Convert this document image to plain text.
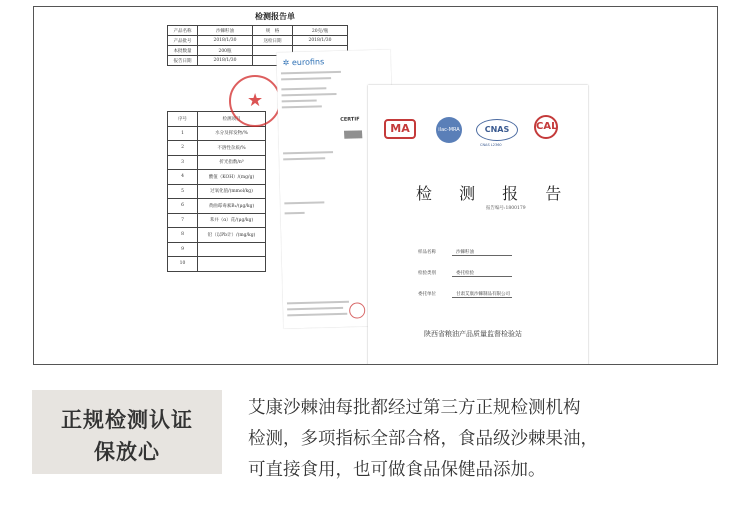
检测报告单
产品名称	沙棘籽油	规　格	20克/瓶
产品批号	2018/1/30	送检日期	2018/1/30
本批数量	200瓶		
报告日期	2018/1/30		
序号	检测项目
1	水分及挥发物/%
2	不溶性杂质/%
3	折光指数/n⁰
4	酸值（KOH）/(mg/g)
5	过氧化值/(mmol/kg)
6	黄曲霉毒素B₁/(μg/kg)
7	苯并（α）芘/(μg/kg)
8	铅（以Pb计）/(mg/kg)
9	
10	
★
✲ eurofins
CERTIF
MA	ilac-MRA	CNAS
CNAS L2360
CAL
检 测 报 告
报告编号:1800179
样品名称	沙棘籽油
检验类别	委托检验
委托单位	甘肃艾康沙棘制品有限公司
陕西省粮油产品质量监督检验站
正规检测认证
保放心
艾康沙棘油每批都经过第三方正规检测机构
检测，多项指标全部合格，食品级沙棘果油，
可直接食用，也可做食品保健品添加。
